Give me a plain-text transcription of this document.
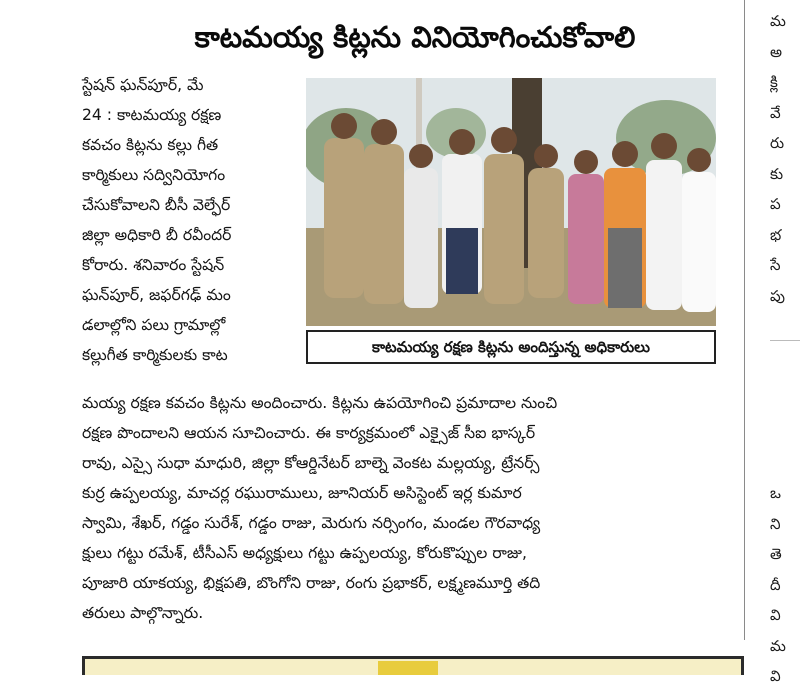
కాటమయ్య కిట్లను వినియోగించుకోవాలి
స్టేషన్ ఘన్‌పూర్, మే
24 : కాటమయ్య రక్షణ
కవచం కిట్లను కల్లు గీత
కార్మికులు సద్వినియోగం
చేసుకోవాలని బీసీ వెల్ఫేర్
జిల్లా అధికారి బీ రవీందర్
కోరారు. శనివారం స్టేషన్
ఘన్‌పూర్, జఫర్‌గఢ్ మం
డలాల్లోని పలు గ్రామాల్లో
కల్లుగీత కార్మికులకు కాట	కాటమయ్య రక్షణ కిట్లను అందిస్తున్న అధికారులు
మయ్య రక్షణ కవచం కిట్లను అందించారు. కిట్లను ఉపయోగించి ప్రమాదాల నుంచి
రక్షణ పొందాలని ఆయన సూచించారు. ఈ కార్యక్రమంలో ఎక్సైజ్ సీఐ భాస్కర్
రావు, ఎస్సై సుధా మాధురి, జిల్లా కోఆర్డినేటర్ బాల్నె వెంకట మల్లయ్య, ట్రేనర్స్
కుర్ర ఉప్పలయ్య, మాచర్ల రఘురాములు, జూనియర్ అసిస్టెంట్ ఇర్ల కుమార
స్వామి, శేఖర్, గడ్డం సురేశ్, గడ్డం రాజు, మెరుగు నర్సింగం, మండల గౌరవాధ్య
క్షులు గట్టు రమేశ్, టీసీఎస్ అధ్యక్షులు గట్టు ఉప్పలయ్య, కోరుకొప్పుల రాజు,
పూజారి యాకయ్య, భిక్షపతి, బొంగోని రాజు, రంగు ప్రభాకర్, లక్ష్మణమూర్తి తది
తరులు పాల్గొన్నారు.
మ
అ
క్లి
వే
రు
కు
ప
భ
సే
పు
ఒ
ని
తె
దీ
వి
మ
వి
